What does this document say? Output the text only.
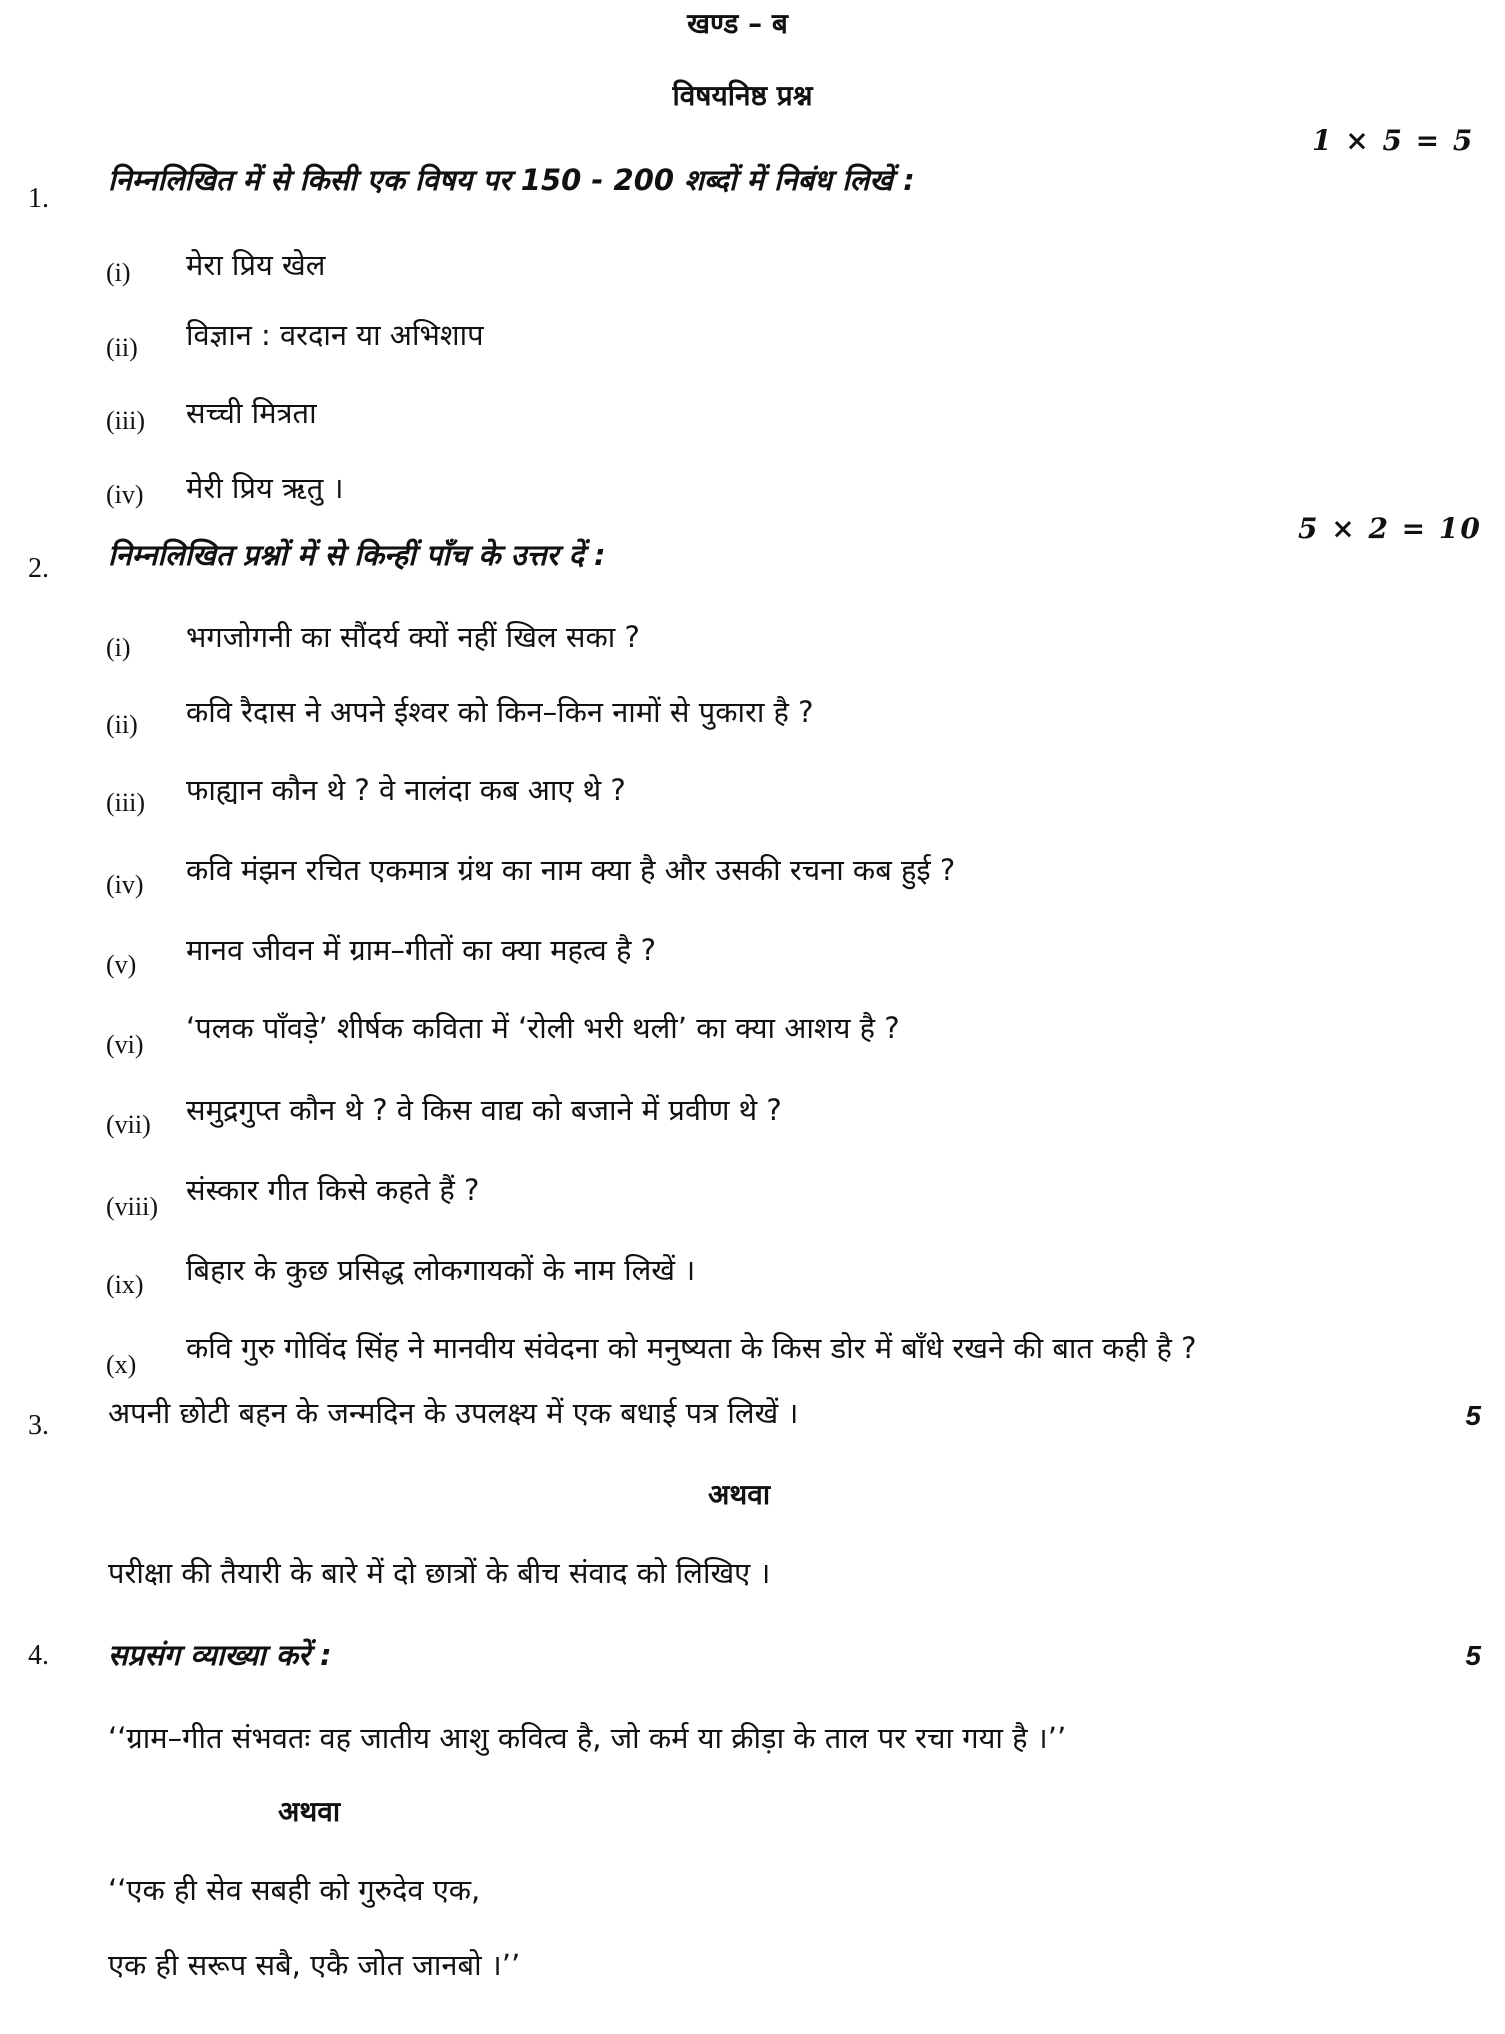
खण्ड – ब
विषयनिष्ठ प्रश्न
1 × 5 = 5
1.
निम्नलिखित में से किसी एक विषय पर 150 - 200 शब्दों में निबंध लिखें :
(i) मेरा प्रिय खेल
(ii) विज्ञान : वरदान या अभिशाप
(iii) सच्ची मित्रता
(iv) मेरी प्रिय ऋतु ।
5 × 2 = 10
2. निम्नलिखित प्रश्नों में से किन्हीं पाँच के उत्तर दें :
(i) भगजोगनी का सौंदर्य क्यों नहीं खिल सका ?
(ii) कवि रैदास ने अपने ईश्वर को किन–किन नामों से पुकारा है ?
(iii) फाह्यान कौन थे ? वे नालंदा कब आए थे ?
(iv) कवि मंझन रचित एकमात्र ग्रंथ का नाम क्या है और उसकी रचना कब हुई ?
(v) मानव जीवन में ग्राम–गीतों का क्या महत्व है ?
(vi) ‘पलक पाँवड़े’ शीर्षक कविता में ‘रोली भरी थली’ का क्या आशय है ?
(vii) समुद्रगुप्त कौन थे ? वे किस वाद्य को बजाने में प्रवीण थे ?
(viii) संस्कार गीत किसे कहते हैं ?
(ix) बिहार के कुछ प्रसिद्ध लोकगायकों के नाम लिखें ।
(x) कवि गुरु गोविंद सिंह ने मानवीय संवेदना को मनुष्यता के किस डोर में बाँधे रखने की बात कही है ?
3. अपनी छोटी बहन के जन्मदिन के उपलक्ष्य में एक बधाई पत्र लिखें ।	5
अथवा
परीक्षा की तैयारी के बारे में दो छात्रों के बीच संवाद को लिखिए ।
4. सप्रसंग व्याख्या करें :	5
‘‘ग्राम–गीत संभवतः वह जातीय आशु कवित्व है, जो कर्म या क्रीड़ा के ताल पर रचा गया है ।’’
अथवा
‘‘एक ही सेव सबही को गुरुदेव एक,
एक ही सरूप सबै, एकै जोत जानबो ।’’
